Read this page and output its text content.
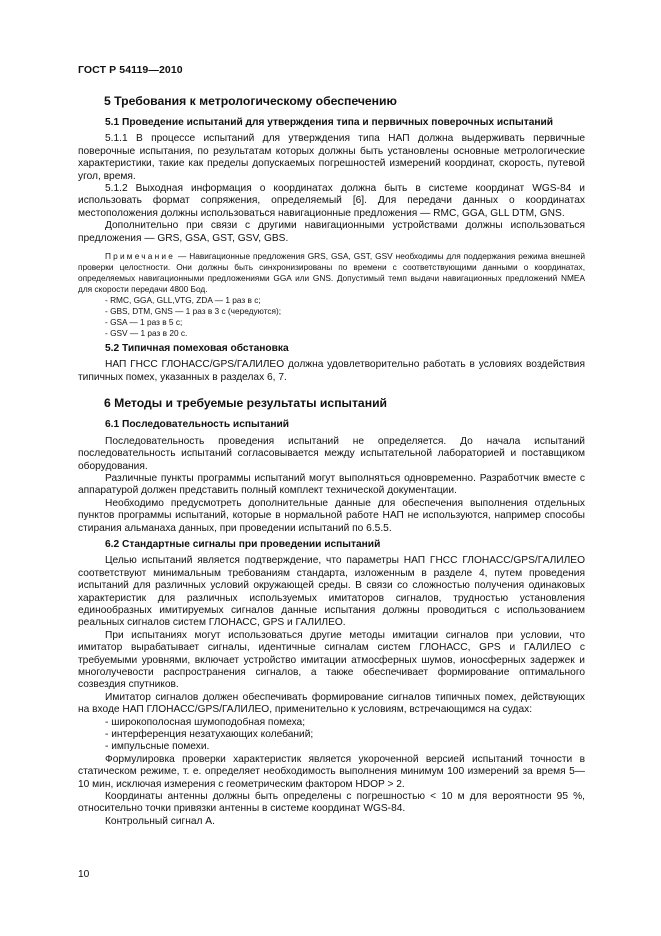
ГОСТ Р 54119—2010
5 Требования к метрологическому обеспечению
5.1 Проведение испытаний для утверждения типа и первичных поверочных испытаний

5.1.1 В процессе испытаний для утверждения типа НАП должна выдерживать первичные поверочные испытания, по результатам которых должны быть установлены основные метрологические характеристики, такие как пределы допускаемых погрешностей измерений координат, скорость, путевой угол, время.

5.1.2 Выходная информация о координатах должна быть в системе координат WGS-84 и использовать формат сопряжения, определяемый [6]. Для передачи данных о координатах местоположения должны использоваться навигационные предложения — RMC, GGA, GLL DTM, GNS.

Дополнительно при связи с другими навигационными устройствами должны использоваться предложения — GRS, GSA, GST, GSV, GBS.

Примечание — Навигационные предложения GRS, GSA, GST, GSV необходимы для поддержания режима внешней проверки целостности. Они должны быть синхронизированы по времени с соответствующими данными о координатах, определяемых навигационными предложениями GGA или GNS. Допустимый темп выдачи навигационных предложений NMEA для скорости передачи 4800 Бод.

- RMC, GGA, GLL,VTG, ZDA — 1 раз в с;
- GBS, DTM, GNS — 1 раз в 3 с (чередуются);
- GSA — 1 раз в 5 с;
- GSV — 1 раз в 20 с.
5.2 Типичная помеховая обстановка

НАП ГНСС ГЛОНАСС/GPS/ГАЛИЛЕО должна удовлетворительно работать в условиях воздействия типичных помех, указанных в разделах 6, 7.

6 Методы и требуемые результаты испытаний
6.1 Последовательность испытаний

Последовательность проведения испытаний не определяется. До начала испытаний последовательность испытаний согласовывается между испытательной лабораторией и поставщиком оборудования.

Различные пункты программы испытаний могут выполняться одновременно. Разработчик вместе с аппаратурой должен представить полный комплект технической документации.

Необходимо предусмотреть дополнительные данные для обеспечения выполнения отдельных пунктов программы испытаний, которые в нормальной работе НАП не используются, например способы стирания альманаха данных, при проведении испытаний по 6.5.5.

6.2 Стандартные сигналы при проведении испытаний

Целью испытаний является подтверждение, что параметры НАП ГНСС ГЛОНАСС/GPS/ГАЛИЛЕО соответствуют минимальным требованиям стандарта, изложенным в разделе 4, путем проведения испытаний для различных условий окружающей среды. В связи со сложностью получения одинаковых характеристик для различных используемых имитаторов сигналов, трудностью установления единообразных имитируемых сигналов данные испытания должны проводиться с использованием реальных сигналов систем ГЛОНАСС, GPS и ГАЛИЛЕО.

При испытаниях могут использоваться другие методы имитации сигналов при условии, что имитатор вырабатывает сигналы, идентичные сигналам систем ГЛОНАСС, GPS и ГАЛИЛЕО с требуемыми уровнями, включает устройство имитации атмосферных шумов, ионосферных задержек и многолучевости распространения сигналов, а также обеспечивает формирование оптимального созвездия спутников.

Имитатор сигналов должен обеспечивать формирование сигналов типичных помех, действующих на входе НАП ГЛОНАСС/GPS/ГАЛИЛЕО, применительно к условиям, встречающимся на судах:

- широкополосная шумоподобная помеха;
- интерференция незатухающих колебаний;
- импульсные помехи.

Формулировка проверки характеристик является укороченной версией испытаний точности в статическом режиме, т. е. определяет необходимость выполнения минимум 100 измерений за время 5—10 мин, исключая измерения с геометрическим фактором HDOP > 2.

Координаты антенны должны быть определены с погрешностью < 10 м для вероятности 95 %, относительно точки привязки антенны в системе координат WGS-84.

Контрольный сигнал А.

10
